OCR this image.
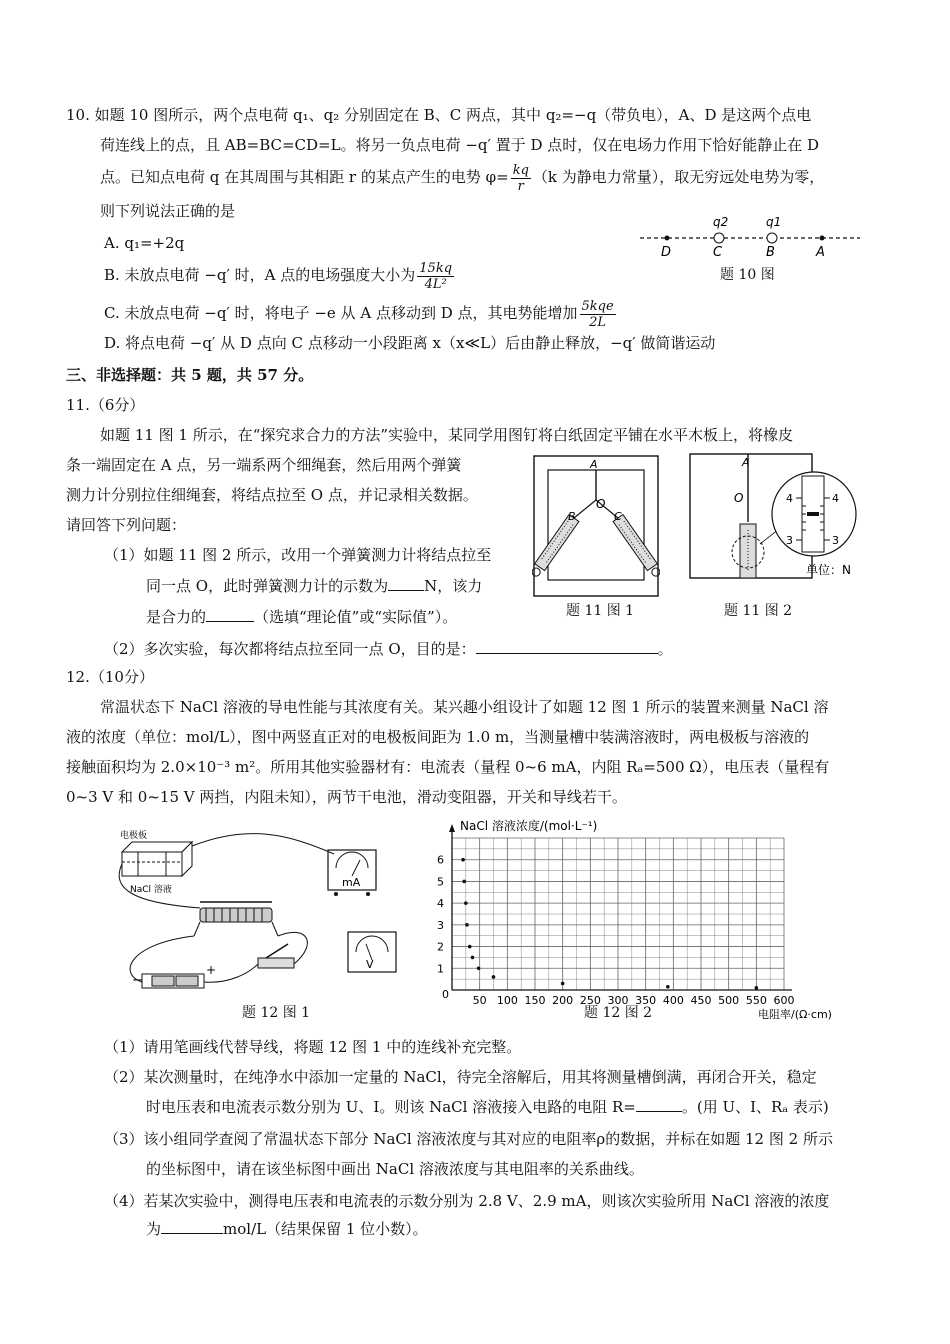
10. 如题 10 图所示，两个点电荷 q₁、q₂ 分别固定在 B、C 两点，其中 q₂=−q（带负电），A、D 是这两个点电
荷连线上的点，且 AB=BC=CD=L。将另一负点电荷 −q′ 置于 D 点时，仅在电场力作用下恰好能静止在 D
点。已知点电荷 q 在其周围与其相距 r 的某点产生的电势 $\varphi= \frac{kq}{r} (k$ 为静电力常量），取无穷远处电势为零，
则下列说法正确的是
A. q₁=+2q
B. 未放点电荷 −q′ 时，A 点的电场强度大小为 $\frac{15kq}{\text{4L²}}$
C. 未放点电荷 −q′ 时，将电子 −e 从 A 点移动到 D 点，其电势能增加 $\frac{\text{5kqe}}{2L}$
D. 将点电荷 −q′ 从 D 点向 C 点移动一小段距离 x（x≪L）后由静止释放，−q′ 做简谐运动
q2	q1
D	C	B	A
题 10 图
三、非选择题：共 5 题，共 57 分。
11.（6分）
如题 11 图 1 所示，在“探究求合力的方法”实验中，某同学用图钉将白纸固定平铺在水平木板上，将橡皮
条一端固定在 A 点，另一端系两个细绳套，然后用两个弹簧
测力计分别拉住细绳套，将结点拉至 O 点，并记录相关数据。
请回答下列问题：
（1）如题 11 图 2 所示，改用一个弹簧测力计将结点拉至
同一点 O，此时弹簧测力计的示数为 N，该力
是合力的	（选填“理论值”或“实际值”）。
（2）多次实验，每次都将结点拉至同一点 O，目的是：	。
A
O
B	C
题 11 图 1
A
O	4	4
3	3
单位：N
题 11 图 2
12.（10分）
常温状态下 NaCl 溶液的导电性能与其浓度有关。某兴趣小组设计了如题 12 图 1 所示的装置来测量 NaCl 溶
液的浓度（单位：mol/L），图中两竖直正对的电极板间距为 1.0 m，当测量槽中装满溶液时，两电极板与溶液的
接触面积均为 2.0×10⁻³ m²。所用其他实验器材有：电流表（量程 0~6 mA，内阻 Rₐ=500 Ω），电压表（量程有
0~3 V 和 0~15 V 两挡，内阻未知），两节干电池，滑动变阻器，开关和导线若干。
电极板
NaCl 溶液
mA
V
−
+
题 12 图 1
NaCl 溶液浓度/(mol·L⁻¹)
电阻率/(Ω·cm)
0 50 100 150 200 250 300 350 400 450 500 550 600
1
2
3
4
5
6
题 12 图 2
（1）请用笔画线代替导线，将题 12 图 1 中的连线补充完整。
（2）某次测量时，在纯净水中添加一定量的 NaCl，待完全溶解后，用其将测量槽倒满，再闭合开关，稳定
时电压表和电流表示数分别为 U、I。则该 NaCl 溶液接入电路的电阻 R=	。(用 U、I、Rₐ 表示)
（3）该小组同学查阅了常温状态下部分 NaCl 溶液浓度与其对应的电阻率ρ的数据，并标在如题 12 图 2 所示
的坐标图中，请在该坐标图中画出 NaCl 溶液浓度与其电阻率的关系曲线。
（4）若某次实验中，测得电压表和电流表的示数分别为 2.8 V、2.9 mA，则该次实验所用 NaCl 溶液的浓度
为	mol/L（结果保留 1 位小数）。
